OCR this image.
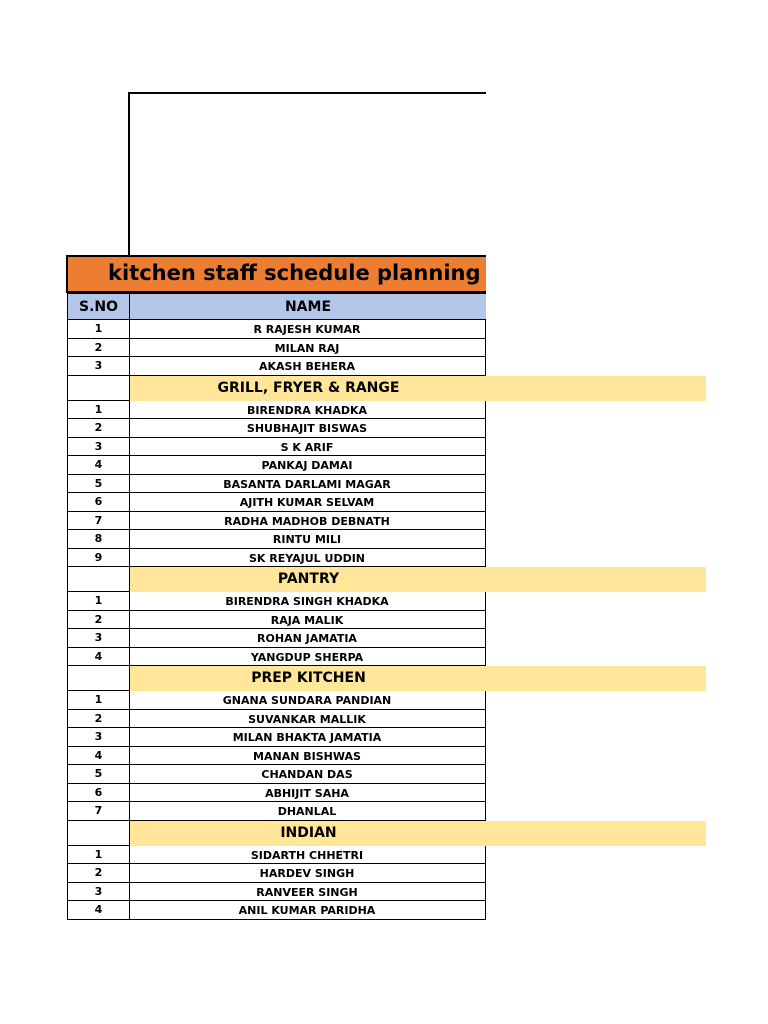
kitchen staff schedule planning
S.NO	NAME
1	R RAJESH KUMAR
2	MILAN RAJ
3	AKASH BEHERA
GRILL, FRYER & RANGE
1	BIRENDRA KHADKA
2	SHUBHAJIT BISWAS
3	S K ARIF
4	PANKAJ DAMAI
5	BASANTA DARLAMI MAGAR
6	AJITH KUMAR SELVAM
7	RADHA MADHOB DEBNATH
8	RINTU MILI
9	SK REYAJUL UDDIN
PANTRY
1	BIRENDRA SINGH KHADKA
2	RAJA MALIK
3	ROHAN JAMATIA
4	YANGDUP SHERPA
PREP KITCHEN
1	GNANA SUNDARA PANDIAN
2	SUVANKAR MALLIK
3	MILAN BHAKTA JAMATIA
4	MANAN BISHWAS
5	CHANDAN DAS
6	ABHIJIT SAHA
7	DHANLAL
INDIAN
1	SIDARTH CHHETRI
2	HARDEV SINGH
3	RANVEER SINGH
4	ANIL KUMAR PARIDHA
